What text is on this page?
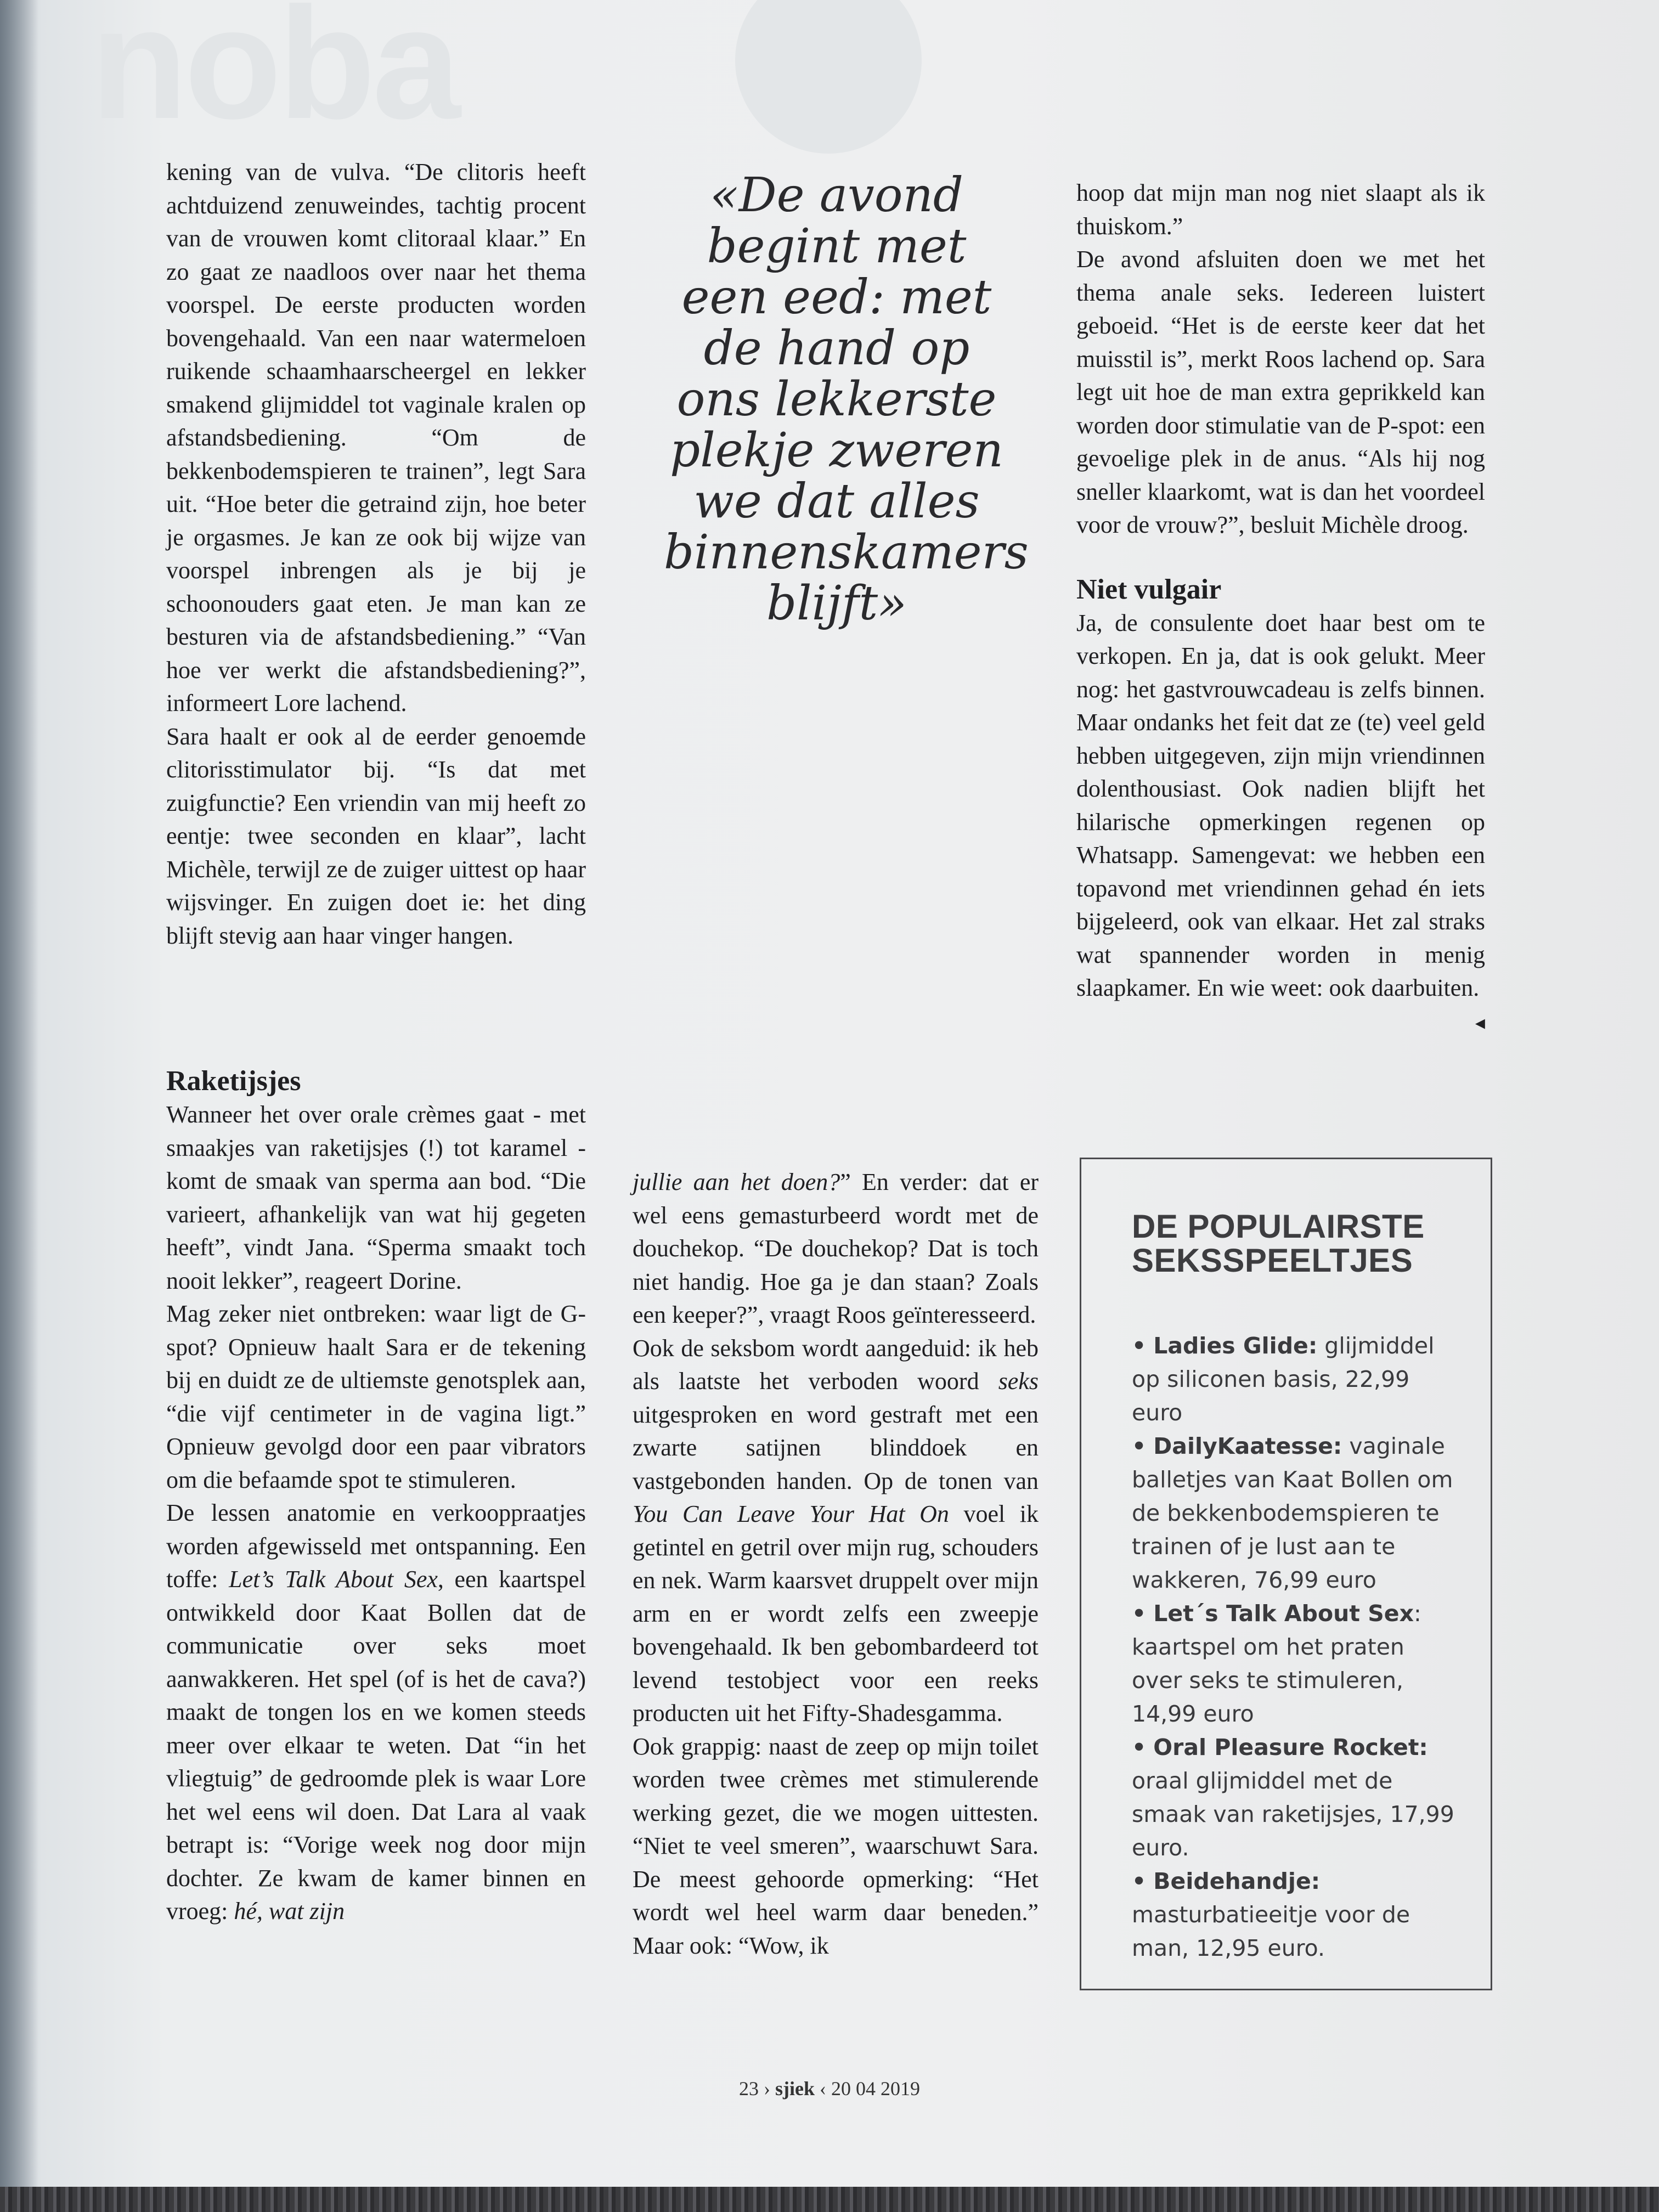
noba

kening van de vulva. “De clitoris heeft achtduizend zenuweindes, tachtig procent van de vrouwen komt clitoraal klaar.” En zo gaat ze naadloos over naar het thema voorspel. De eerste producten worden bovengehaald. Van een naar watermeloen ruikende schaamhaarscheergel en lekker smakend glijmiddel tot vaginale kralen op afstandsbediening. “Om de bekkenbodemspieren te trainen”, legt Sara uit. “Hoe beter die getraind zijn, hoe beter je orgasmes. Je kan ze ook bij wijze van voorspel inbrengen als je bij je schoonouders gaat eten. Je man kan ze besturen via de afstandsbediening.” “Van hoe ver werkt die afstandsbediening?”, informeert Lore lachend.

Sara haalt er ook al de eerder genoemde clitorisstimulator bij. “Is dat met zuigfunctie? Een vriendin van mij heeft zo eentje: twee seconden en klaar”, lacht Michèle, terwijl ze de zuiger uittest op haar wijsvinger. En zuigen doet ie: het ding blijft stevig aan haar vinger hangen.

«De avond begint met een eed: met de hand op ons lekkerste plekje zweren we dat alles binnenskamers blijft»

hoop dat mijn man nog niet slaapt als ik thuiskom.”

De avond afsluiten doen we met het thema anale seks. Iedereen luistert geboeid. “Het is de eerste keer dat het muisstil is”, merkt Roos lachend op. Sara legt uit hoe de man extra geprikkeld kan worden door stimulatie van de P-spot: een gevoelige plek in de anus. “Als hij nog sneller klaarkomt, wat is dan het voordeel voor de vrouw?”, besluit Michèle droog.

Niet vulgair

Ja, de consulente doet haar best om te verkopen. En ja, dat is ook gelukt. Meer nog: het gastvrouwcadeau is zelfs binnen. Maar ondanks het feit dat ze (te) veel geld hebben uitgegeven, zijn mijn vriendinnen dolenthousiast. Ook nadien blijft het hilarische opmerkingen regenen op Whatsapp. Samengevat: we hebben een topavond met vriendinnen gehad én iets bijgeleerd, ook van elkaar. Het zal straks wat spannender worden in menig slaapkamer. En wie weet: ook daarbuiten.
◂

Raketijsjes

Wanneer het over orale crèmes gaat - met smaakjes van raketijsjes (!) tot karamel - komt de smaak van sperma aan bod. “Die varieert, afhankelijk van wat hij gegeten heeft”, vindt Jana. “Sperma smaakt toch nooit lekker”, reageert Dorine.

Mag zeker niet ontbreken: waar ligt de G-spot? Opnieuw haalt Sara er de tekening bij en duidt ze de ultiemste genotsplek aan, “die vijf centimeter in de vagina ligt.” Opnieuw gevolgd door een paar vibrators om die befaamde spot te stimuleren.

De lessen anatomie en verkooppraatjes worden afgewisseld met ontspanning. Een toffe: Let’s Talk About Sex, een kaartspel ontwikkeld door Kaat Bollen dat de communicatie over seks moet aanwakkeren. Het spel (of is het de cava?) maakt de tongen los en we komen steeds meer over elkaar te weten. Dat “in het vliegtuig” de gedroomde plek is waar Lore het wel eens wil doen. Dat Lara al vaak betrapt is: “Vorige week nog door mijn dochter. Ze kwam de kamer binnen en vroeg: hé, wat zijn

jullie aan het doen?” En verder: dat er wel eens gemasturbeerd wordt met de douchekop. “De douchekop? Dat is toch niet handig. Hoe ga je dan staan? Zoals een keeper?”, vraagt Roos geïnteresseerd.

Ook de seksbom wordt aangeduid: ik heb als laatste het verboden woord seks uitgesproken en word gestraft met een zwarte satijnen blinddoek en vastgebonden handen. Op de tonen van You Can Leave Your Hat On voel ik getintel en getril over mijn rug, schouders en nek. Warm kaarsvet druppelt over mijn arm en er wordt zelfs een zweepje bovengehaald. Ik ben gebombardeerd tot levend testobject voor een reeks producten uit het Fifty-Shadesgamma.

Ook grappig: naast de zeep op mijn toilet worden twee crèmes met stimulerende werking gezet, die we mogen uittesten. “Niet te veel smeren”, waarschuwt Sara. De meest gehoorde opmerking: “Het wordt wel heel warm daar beneden.” Maar ook: “Wow, ik

DE POPULAIRSTE SEKSSPEELTJES
• Ladies Glide: glijmiddel op siliconen basis, 22,99 euro
• DailyKaatesse: vaginale balletjes van Kaat Bollen om de bekkenbodemspieren te trainen of je lust aan te wakkeren, 76,99 euro
• Let´s Talk About Sex: kaartspel om het praten over seks te stimuleren, 14,99 euro
• Oral Pleasure Rocket: oraal glijmiddel met de smaak van raketijsjes, 17,99 euro.
• Beidehandje: masturbatieeitje voor de man, 12,95 euro.
23 › sjiek ‹ 20 04 2019
